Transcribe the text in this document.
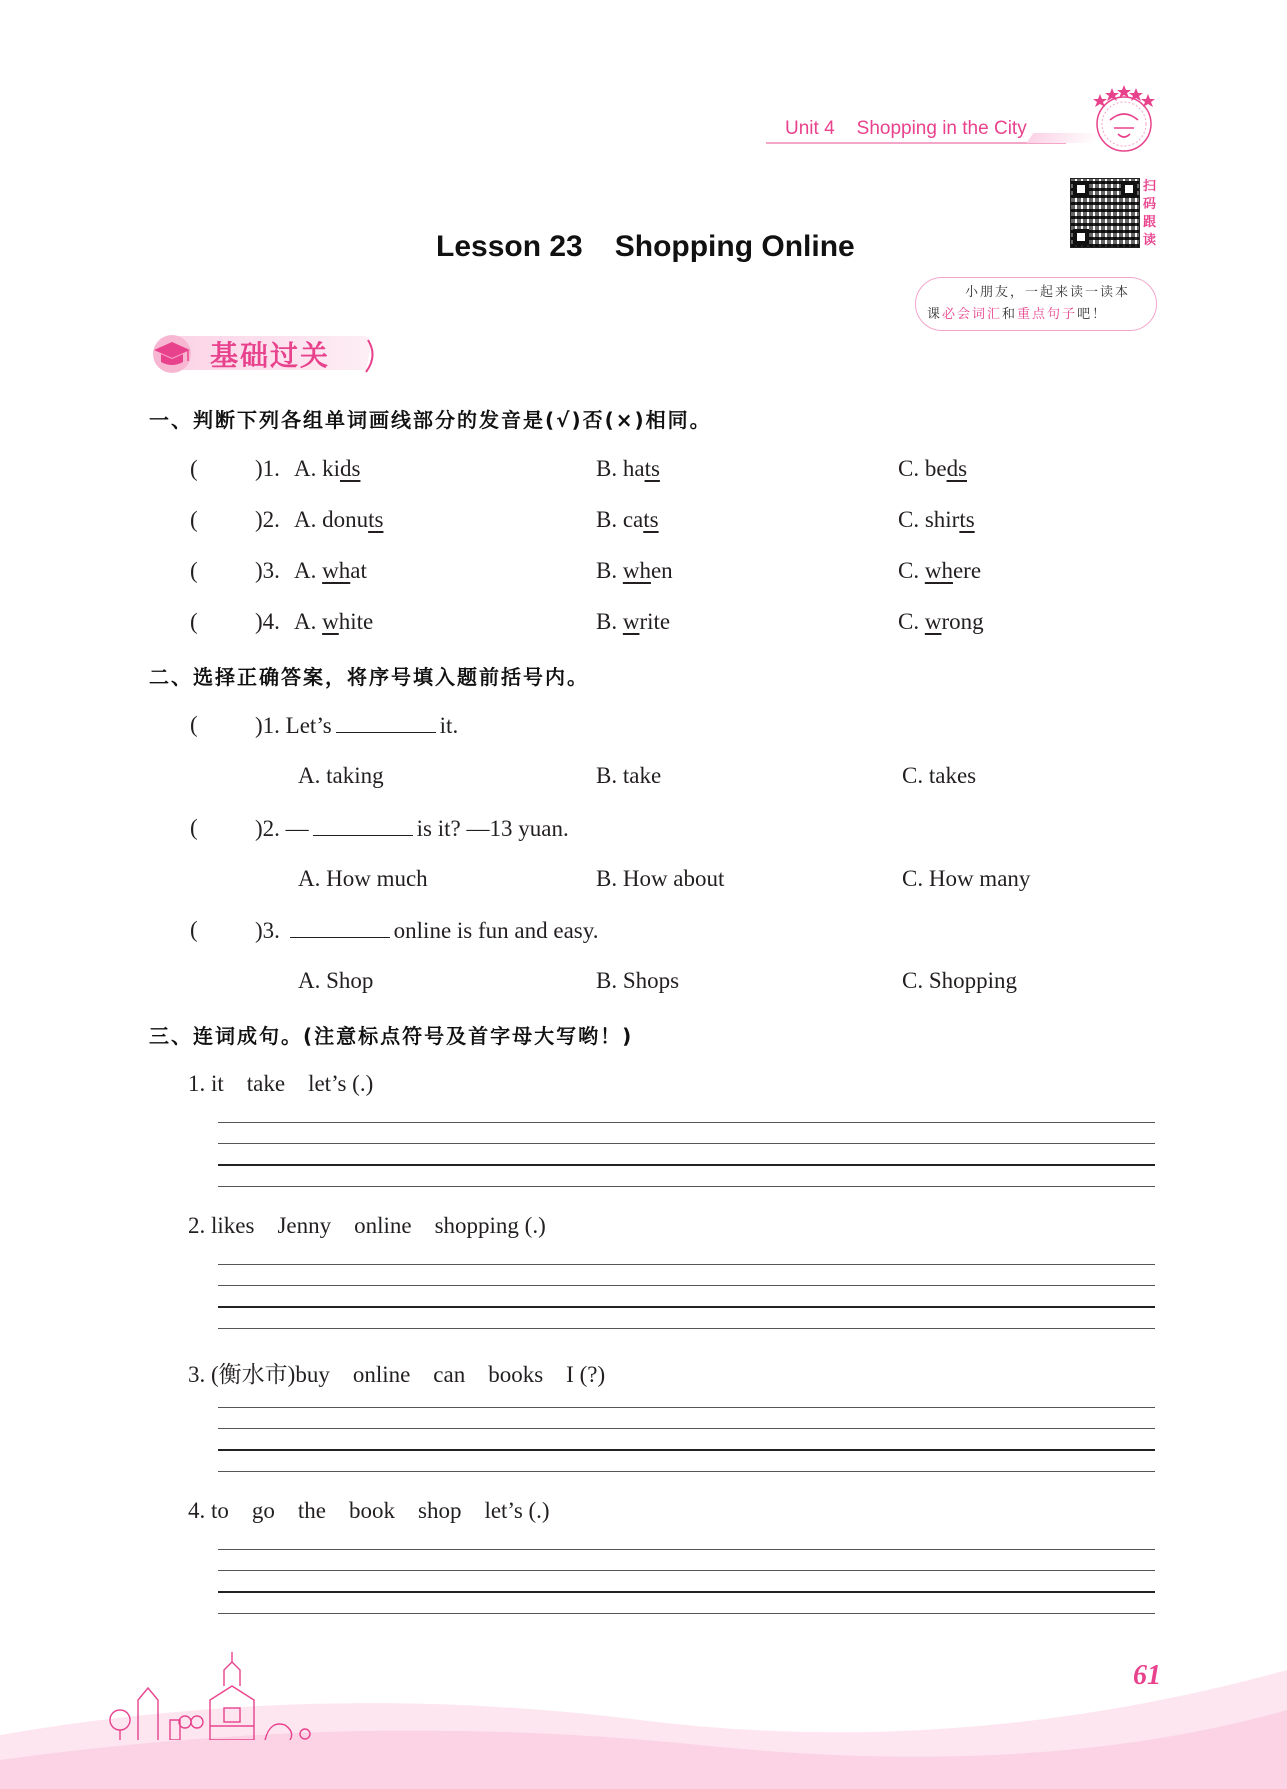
Unit 4 Shopping in the City
扫码跟读
小朋友，一起来读一读本
课必会词汇和重点句子吧！
Lesson 23 Shopping Online
基础过关
一、判断下列各组单词画线部分的发音是(√)否(×)相同。
( )1. A. kids	B. hats	C. beds
( )2. A. donuts	B. cats	C. shirts
( )3. A. what	B. when	C. where
( )4. A. white	B. write	C. wrong
二、选择正确答案，将序号填入题前括号内。
( )1. Let’s	it.
A. taking	B. take	C. takes
( )2. —	is it? —13 yuan.
A. How much	B. How about	C. How many
( )3.	online is fun and easy.
A. Shop	B. Shops	C. Shopping
三、连词成句。(注意标点符号及首字母大写哟！)
1. it    take    let’s (.)
2. likes    Jenny    online    shopping (.)
3. (衡水市)buy    online    can    books    I (?)
4. to    go    the    book    shop    let’s (.)
61
